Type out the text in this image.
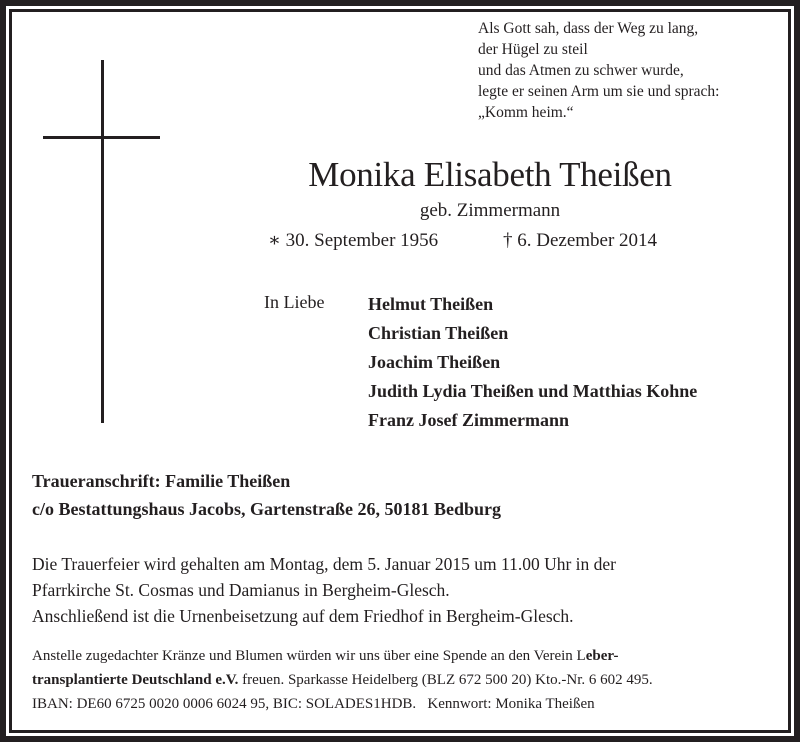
Als Gott sah, dass der Weg zu lang,
der Hügel zu steil
und das Atmen zu schwer wurde,
legte er seinen Arm um sie und sprach:
„Komm heim.“
Monika Elisabeth Theißen
geb. Zimmermann
∗ 30. September 1956	† 6. Dezember 2014
In Liebe Helmut Theißen
Christian Theißen
Joachim Theißen
Judith Lydia Theißen und Matthias Kohne
Franz Josef Zimmermann
Traueranschrift: Familie Theißen
c/o Bestattungshaus Jacobs, Gartenstraße 26, 50181 Bedburg
Die Trauerfeier wird gehalten am Montag, dem 5. Januar 2015 um 11.00 Uhr in der
Pfarrkirche St. Cosmas und Damianus in Bergheim-Glesch.
Anschließend ist die Urnenbeisetzung auf dem Friedhof in Bergheim-Glesch.
Anstelle zugedachter Kränze und Blumen würden wir uns über eine Spende an den Verein Leber-
transplantierte Deutschland e.V. freuen. Sparkasse Heidelberg (BLZ 672 500 20) Kto.-Nr. 6 602 495.
IBAN: DE60 6725 0020 0006 6024 95, BIC: SOLADES1HDB.   Kennwort: Monika Theißen
